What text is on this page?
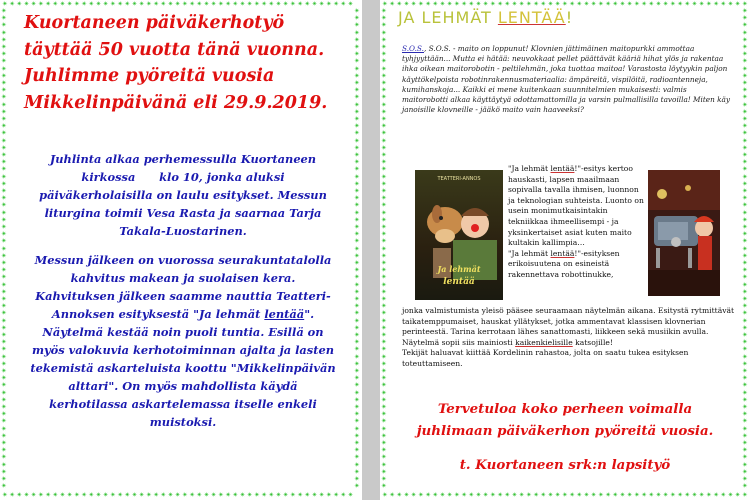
Kuortaneen päiväkerhotyö
täyttää 50 vuotta tänä vuonna.
Juhlimme pyöreitä vuosia
Mikkelinpäivänä eli 29.9.2019.
Juhlinta alkaa perhemessulla Kuortaneen
kirkossa      klo 10, jonka aluksi
päiväkerholaisilla on laulu esitykset. Messun
liturgina toimii Vesa Rasta ja saarnaa Tarja
Takala-Luostarinen.
Messun jälkeen on vuorossa seurakuntatalolla
kahvitus makean ja suolaisen kera.
Kahvituksen jälkeen saamme nauttia Teatteri-
Annoksen esityksestä "Ja lehmät lentää".
Näytelmä kestää noin puoli tuntia. Esillä on
myös valokuvia kerhotoiminnan ajalta ja lasten
tekemistä askarteluista koottu "Mikkelinpäivän
alttari". On myös mahdollista käydä
kerhotilassa askartelemassa itselle enkeli
muistoksi.
✴
✴
✴
✴
✴
✴
✴
✴
✴
✴
✴
✴
✴
✴
✴
✴
✴
✴
✴
✴
✴
✴
✴
✴
✴
✴
✴
✴
✴
✴
✴
✴
✴
✴
✴
✴
✴
✴
✴
✴
✴
✴
✴
✴
✴
✴
✴
✴
✴
✴
✴
✴
✴
✴
✴
✴
✴
✴
✴
✴
✴
✴
✴
✴
✴
✴
✴
✴
✴
✴
✴
✴
✴
✴
✴
✴
✴
✴
✴
✴
✴
✴
✴
✴
✴
✴
✴
✴
✴
✴
✴
✴
✴
✴
✴
✴
✴
✴
✴	✴
✴	✴
✴	✴
✴	✴
✴	✴
✴	✴
✴	✴
✴	✴
✴	✴
✴	✴
✴	✴
✴	✴
✴	✴
✴	✴
✴	✴
✴	✴
✴	✴
✴	✴
✴	✴
✴	✴
✴	✴
✴	✴
✴	✴
✴	✴
✴	✴
✴	✴
✴	✴
✴	✴
✴	✴
✴	✴
✴	✴
✴	✴
✴	✴
✴	✴
✴	✴
✴	✴
✴	✴
✴	✴
✴	✴
✴	✴
✴	✴
✴	✴
✴	✴
✴	✴
✴	✴
✴	✴
✴	✴
✴	✴
✴	✴
✴	✴
✴	✴
✴	✴
✴	✴
✴	✴
✴	✴
✴	✴
✴	✴
✴	✴
✴	✴
✴	✴
✴	✴
✴	✴
✴	✴
✴	✴
✴	✴
✴	✴
✴	✴
JA LEHMÄT LENTÄÄ!
S.O.S., S.O.S. - maito on loppunut! Klovnien jättimäinen maitopurkki ammottaa tyhjyyttään... Mutta ei hätää: neuvokkaat pellet päättävät kääriä hihat ylös ja rakentaa ihka oikean maitorobotin - peltilehmän, joka tuottaa maitoa! Varastosta löytyykin paljon käyttökelpoista robotinrakennusmateriaalia: ämpäreitä, vispilöitä, radioantenneja, kumihanskoja... Kaikki ei mene kuitenkaan suunnitelmien mukaisesti: valmis maitorobotti alkaa käyttäytyä odottamattomilla ja varsin pulmallisilla tavoilla! Miten käy janoisille klovneille - jääkö maito vain haaveeksi?
TEATTERI-ANNOS
Ja lehmät
lentää
"Ja lehmät lentää!"-esitys kertoo hauskasti, lapsen maailmaan sopivalla tavalla ihmisen, luonnon ja teknologian suhteista. Luonto on usein monimutkaisintakin tekniikkaa ihmeellisempi - ja yksinkertaiset asiat kuten maito kultakin kallimpia…
"Ja lehmät lentää!"-esityksen erikoisuutena on esineistä rakennettava robottinukke,
jonka valmistumista yleisö pääsee seuraamaan näytelmän aikana. Esitystä rytmittävät taikatemppumaiset, hauskat yllätykset, jotka ammentavat klassisen klovnerian perinteestä. Tarina kerrotaan lähes sanattomasti, liikkeen sekä musiikin avulla. Näytelmä sopii siis mainiosti kaikenkielisille katsojille!
Tekijät haluavat kiittää Kordelinin rahastoa, jolta on saatu tukea esityksen toteuttamiseen.
Tervetuloa koko perheen voimalla
juhlimaan päiväkerhon pyöreitä vuosia.
t. Kuortaneen srk:n lapsityö
✴
✴
✴
✴
✴
✴
✴
✴
✴
✴
✴
✴
✴
✴
✴
✴
✴
✴
✴
✴
✴
✴
✴
✴
✴
✴
✴
✴
✴
✴
✴
✴
✴
✴
✴
✴
✴
✴
✴
✴
✴
✴
✴
✴
✴
✴
✴
✴
✴
✴
✴
✴
✴
✴
✴
✴
✴
✴
✴
✴
✴
✴
✴
✴
✴
✴
✴
✴
✴
✴
✴
✴
✴
✴
✴
✴
✴
✴
✴
✴
✴
✴
✴
✴
✴
✴
✴
✴
✴
✴
✴
✴
✴
✴
✴
✴
✴
✴
✴
✴
✴
✴
✴	✴
✴	✴
✴	✴
✴	✴
✴	✴
✴	✴
✴	✴
✴	✴
✴	✴
✴	✴
✴	✴
✴	✴
✴	✴
✴	✴
✴	✴
✴	✴
✴	✴
✴	✴
✴	✴
✴	✴
✴	✴
✴	✴
✴	✴
✴	✴
✴	✴
✴	✴
✴	✴
✴	✴
✴	✴
✴	✴
✴	✴
✴	✴
✴	✴
✴	✴
✴	✴
✴	✴
✴	✴
✴	✴
✴	✴
✴	✴
✴	✴
✴	✴
✴	✴
✴	✴
✴	✴
✴	✴
✴	✴
✴	✴
✴	✴
✴	✴
✴	✴
✴	✴
✴	✴
✴	✴
✴	✴
✴	✴
✴	✴
✴	✴
✴	✴
✴	✴
✴	✴
✴	✴
✴	✴
✴	✴
✴	✴
✴	✴
✴	✴
